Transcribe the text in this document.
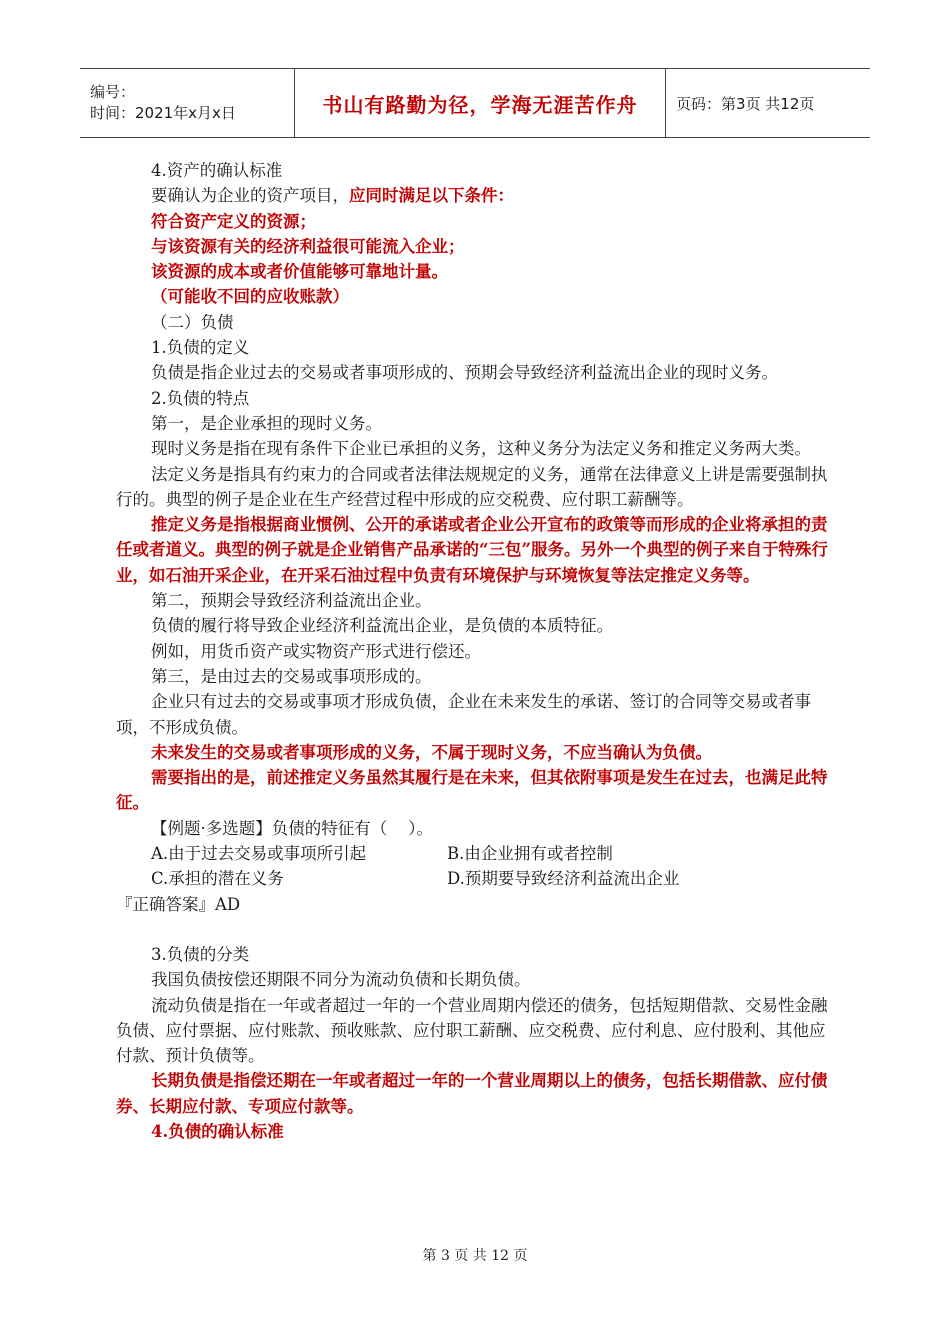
编号：
时间：2021年x月x日	书山有路勤为径，学海无涯苦作舟	页码：第3页 共12页

4.资产的确认标准

要确认为企业的资产项目，应同时满足以下条件：

符合资产定义的资源；

与该资源有关的经济利益很可能流入企业；

该资源的成本或者价值能够可靠地计量。

（可能收不回的应收账款）

（二）负债

1.负债的定义

负债是指企业过去的交易或者事项形成的、预期会导致经济利益流出企业的现时义务。

2.负债的特点

第一，是企业承担的现时义务。

现时义务是指在现有条件下企业已承担的义务，这种义务分为法定义务和推定义务两大类。

法定义务是指具有约束力的合同或者法律法规规定的义务，通常在法律意义上讲是需要强制执行的。典型的例子是企业在生产经营过程中形成的应交税费、应付职工薪酬等。

推定义务是指根据商业惯例、公开的承诺或者企业公开宣布的政策等而形成的企业将承担的责任或者道义。典型的例子就是企业销售产品承诺的“三包”服务。另外一个典型的例子来自于特殊行业，如石油开采企业，在开采石油过程中负责有环境保护与环境恢复等法定推定义务等。

第二，预期会导致经济利益流出企业。

负债的履行将导致企业经济利益流出企业，是负债的本质特征。

例如，用货币资产或实物资产形式进行偿还。

第三，是由过去的交易或事项形成的。

企业只有过去的交易或事项才形成负债，企业在未来发生的承诺、签订的合同等交易或者事项，不形成负债。

未来发生的交易或者事项形成的义务，不属于现时义务，不应当确认为负债。

需要指出的是，前述推定义务虽然其履行是在未来，但其依附事项是发生在过去，也满足此特征。

【例题·多选题】负债的特征有（    ）。

A.由于过去交易或事项所引起	B.由企业拥有或者控制
C.承担的潜在义务	D.预期要导致经济利益流出企业

『正确答案』AD

3.负债的分类

我国负债按偿还期限不同分为流动负债和长期负债。

流动负债是指在一年或者超过一年的一个营业周期内偿还的债务，包括短期借款、交易性金融负债、应付票据、应付账款、预收账款、应付职工薪酬、应交税费、应付利息、应付股利、其他应付款、预计负债等。

长期负债是指偿还期在一年或者超过一年的一个营业周期以上的债务，包括长期借款、应付债券、长期应付款、专项应付款等。

4.负债的确认标准

第 3 页 共 12 页
